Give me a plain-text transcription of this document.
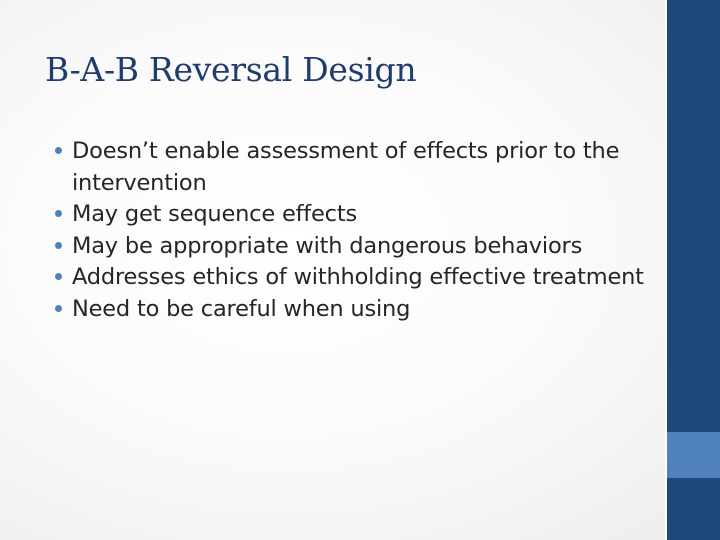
B-A-B Reversal Design
Doesn’t enable assessment of effects prior to the intervention
May get sequence effects
May be appropriate with dangerous behaviors
Addresses ethics of withholding effective treatment
Need to be careful when using
